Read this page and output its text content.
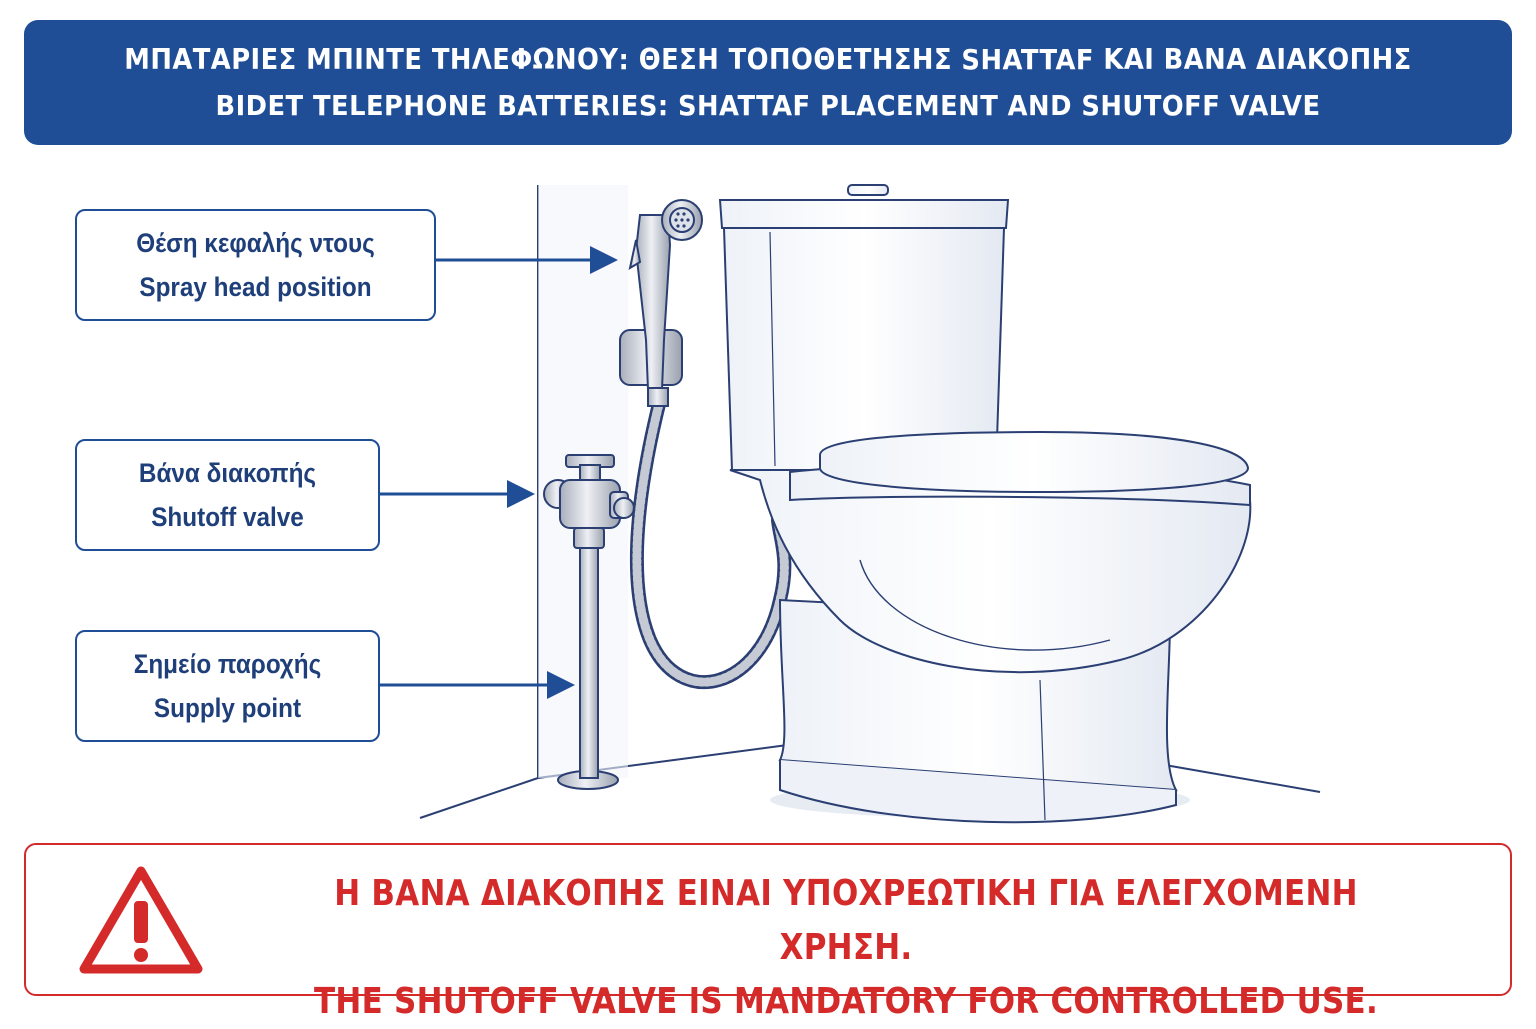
ΜΠΑΤΑΡΙΕΣ ΜΠΙΝΤΕ ΤΗΛΕΦΩΝΟΥ: ΘΕΣΗ ΤΟΠΟΘΕΤΗΣΗΣ SHATTAF ΚΑΙ ΒΑΝΑ ΔΙΑΚΟΠΗΣ
BIDET TELEPHONE BATTERIES: SHATTAF PLACEMENT AND SHUTOFF VALVE
Θέση κεφαλής ντους
Spray head position
Βάνα διακοπής
Shutoff valve
Σημείο παροχής
Supply point
Η ΒΑΝΑ ΔΙΑΚΟΠΗΣ ΕΙΝΑΙ ΥΠΟΧΡΕΩΤΙΚΗ ΓΙΑ ΕΛΕΓΧΟΜΕΝΗ ΧΡΗΣΗ.
THE SHUTOFF VALVE IS MANDATORY FOR CONTROLLED USE.
